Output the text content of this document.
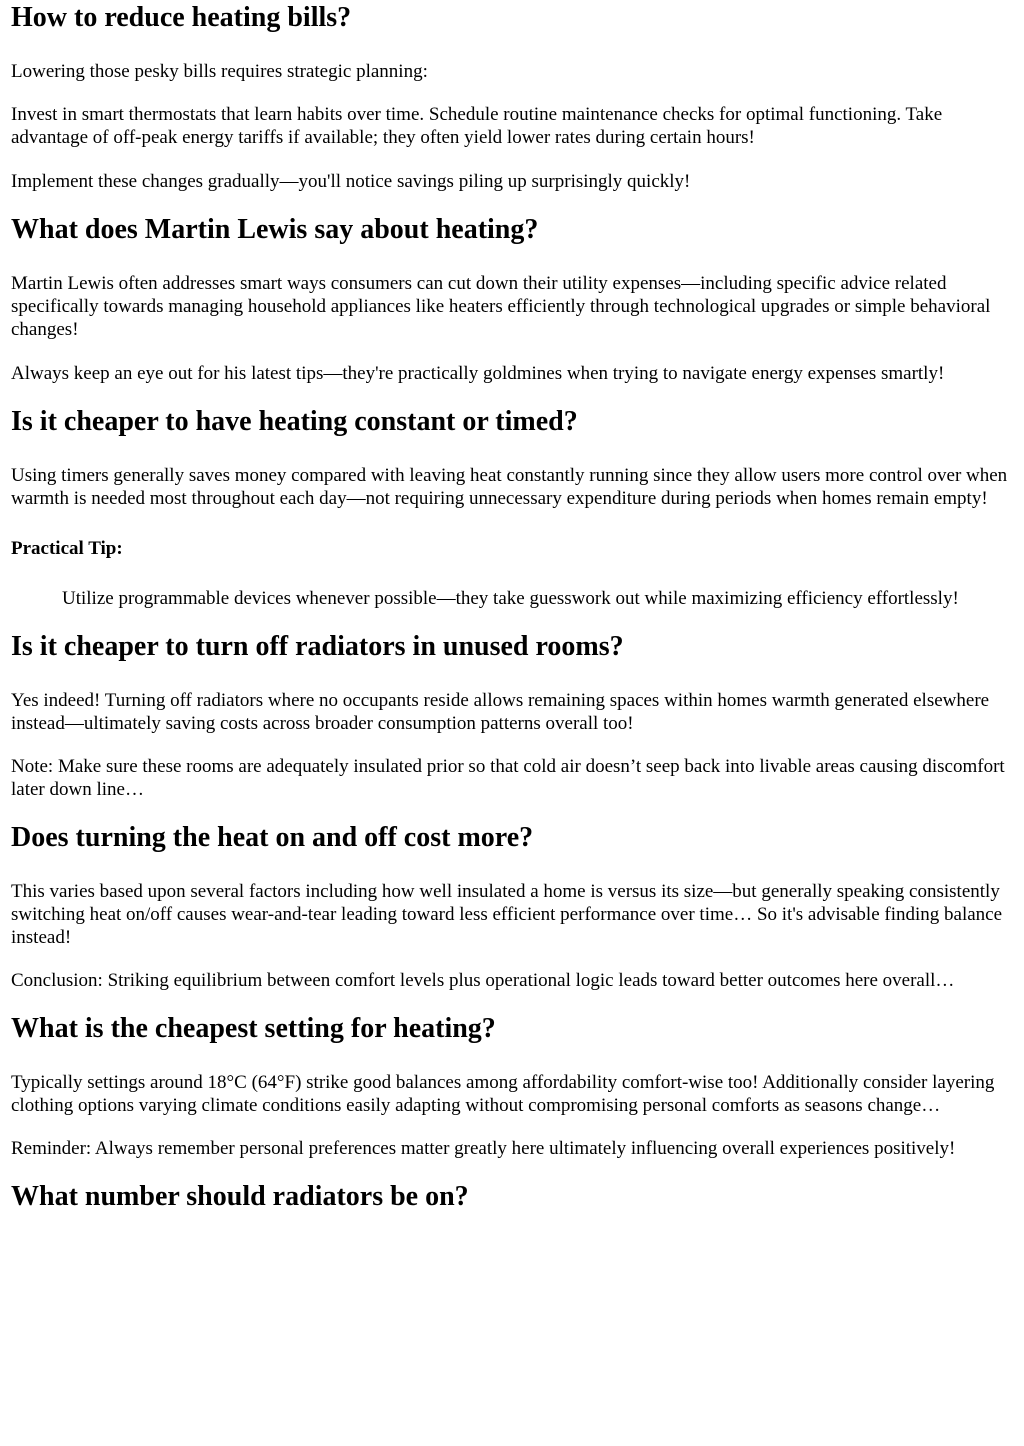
How to reduce heating bills?

Lowering those pesky bills requires strategic planning:

Invest in smart thermostats that learn habits over time. Schedule routine maintenance checks for optimal functioning. Take advantage of off-peak energy tariffs if available; they often yield lower rates during certain hours!

Implement these changes gradually—you'll notice savings piling up surprisingly quickly!

What does Martin Lewis say about heating?

Martin Lewis often addresses smart ways consumers can cut down their utility expenses—including specific advice related specifically towards managing household appliances like heaters efficiently through technological upgrades or simple behavioral changes!

Always keep an eye out for his latest tips—they're practically goldmines when trying to navigate energy expenses smartly!

Is it cheaper to have heating constant or timed?

Using timers generally saves money compared with leaving heat constantly running since they allow users more control over when warmth is needed most throughout each day—not requiring unnecessary expenditure during periods when homes remain empty!

Practical Tip:

Utilize programmable devices whenever possible—they take guesswork out while maximizing efficiency effortlessly!

Is it cheaper to turn off radiators in unused rooms?

Yes indeed! Turning off radiators where no occupants reside allows remaining spaces within homes warmth generated elsewhere instead—ultimately saving costs across broader consumption patterns overall too!

Note: Make sure these rooms are adequately insulated prior so that cold air doesn’t seep back into livable areas causing discomfort later down line…

Does turning the heat on and off cost more?

This varies based upon several factors including how well insulated a home is versus its size—but generally speaking consistently switching heat on/off causes wear-and-tear leading toward less efficient performance over time… So it's advisable finding balance instead!

Conclusion: Striking equilibrium between comfort levels plus operational logic leads toward better outcomes here overall…

What is the cheapest setting for heating?

Typically settings around 18°C (64°F) strike good balances among affordability comfort-wise too! Additionally consider layering clothing options varying climate conditions easily adapting without compromising personal comforts as seasons change…

Reminder: Always remember personal preferences matter greatly here ultimately influencing overall experiences positively!

What number should radiators be on?
